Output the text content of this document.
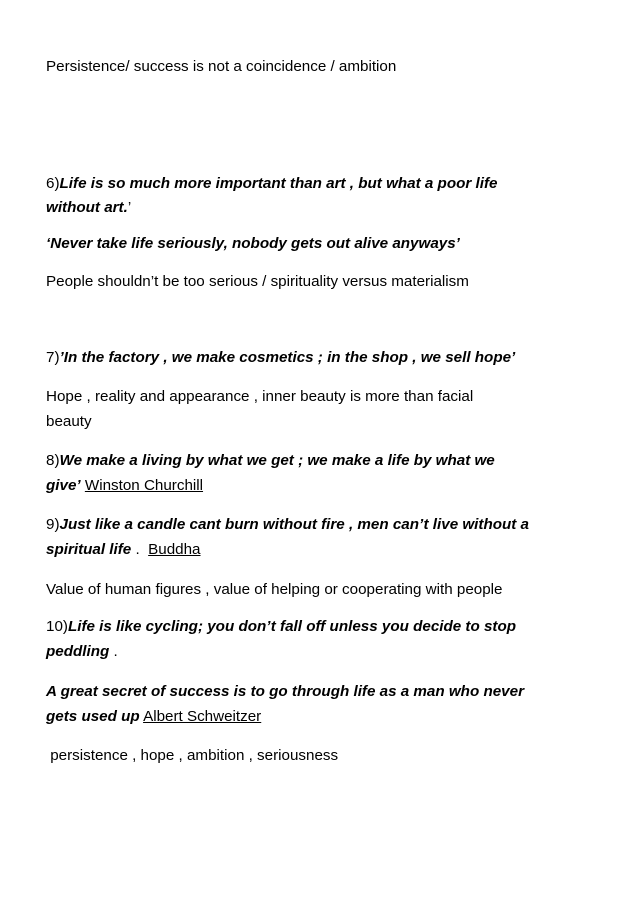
Persistence/ success is not a coincidence / ambition
6)Life is so much more important than art , but what a poor life
without art.’
‘Never take life seriously, nobody gets out alive anyways’
People shouldn’t be too serious / spirituality versus materialism
7)’In the factory , we make cosmetics ; in the shop , we sell hope’
Hope , reality and appearance , inner beauty is more than facial
beauty
8)We make a living by what we get ; we make a life by what we
give’ Winston Churchill
9)Just like a candle cant burn without fire , men can’t live without a
spiritual life .  Buddha
Value of human figures , value of helping or cooperating with people
10)Life is like cycling; you don’t fall off unless you decide to stop
peddling .
A great secret of success is to go through life as a man who never
gets used up Albert Schweitzer
persistence , hope , ambition , seriousness
